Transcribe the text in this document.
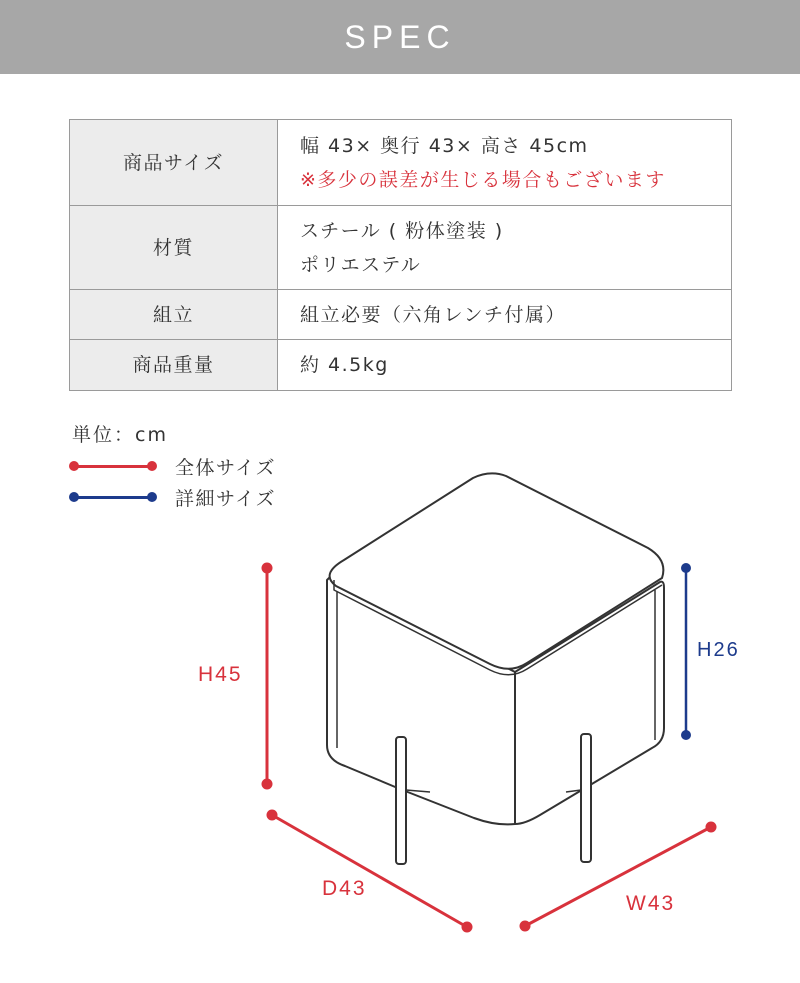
SPEC
商品サイズ	幅 43× 奥行 43× 高さ 45cm
※多少の誤差が生じる場合もございます

材質	スチール ( 粉体塗装 )
ポリエステル

組立	組立必要（六角レンチ付属）

商品重量	約 4.5kg
単位：cm
全体サイズ
詳細サイズ
H45
H26
D43
W43
